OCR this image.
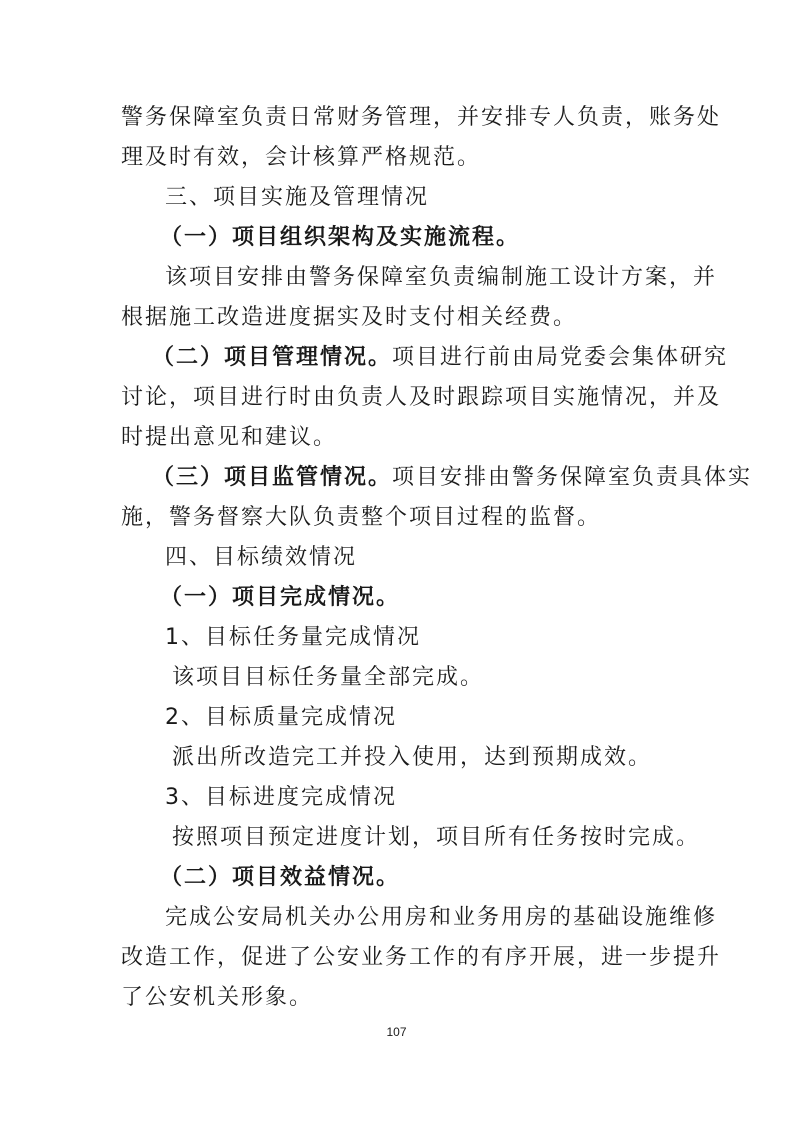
警务保障室负责日常财务管理，并安排专人负责，账务处
理及时有效，会计核算严格规范。
三、项目实施及管理情况
（一）项目组织架构及实施流程。
该项目安排由警务保障室负责编制施工设计方案，并
根据施工改造进度据实及时支付相关经费。
（二）项目管理情况。项目进行前由局党委会集体研究
讨论，项目进行时由负责人及时跟踪项目实施情况，并及
时提出意见和建议。
（三）项目监管情况。项目安排由警务保障室负责具体实
施，警务督察大队负责整个项目过程的监督。
四、目标绩效情况
（一）项目完成情况。
1、目标任务量完成情况
该项目目标任务量全部完成。
2、目标质量完成情况
派出所改造完工并投入使用，达到预期成效。
3、目标进度完成情况
按照项目预定进度计划，项目所有任务按时完成。
（二）项目效益情况。
完成公安局机关办公用房和业务用房的基础设施维修
改造工作，促进了公安业务工作的有序开展，进一步提升
了公安机关形象。
107
